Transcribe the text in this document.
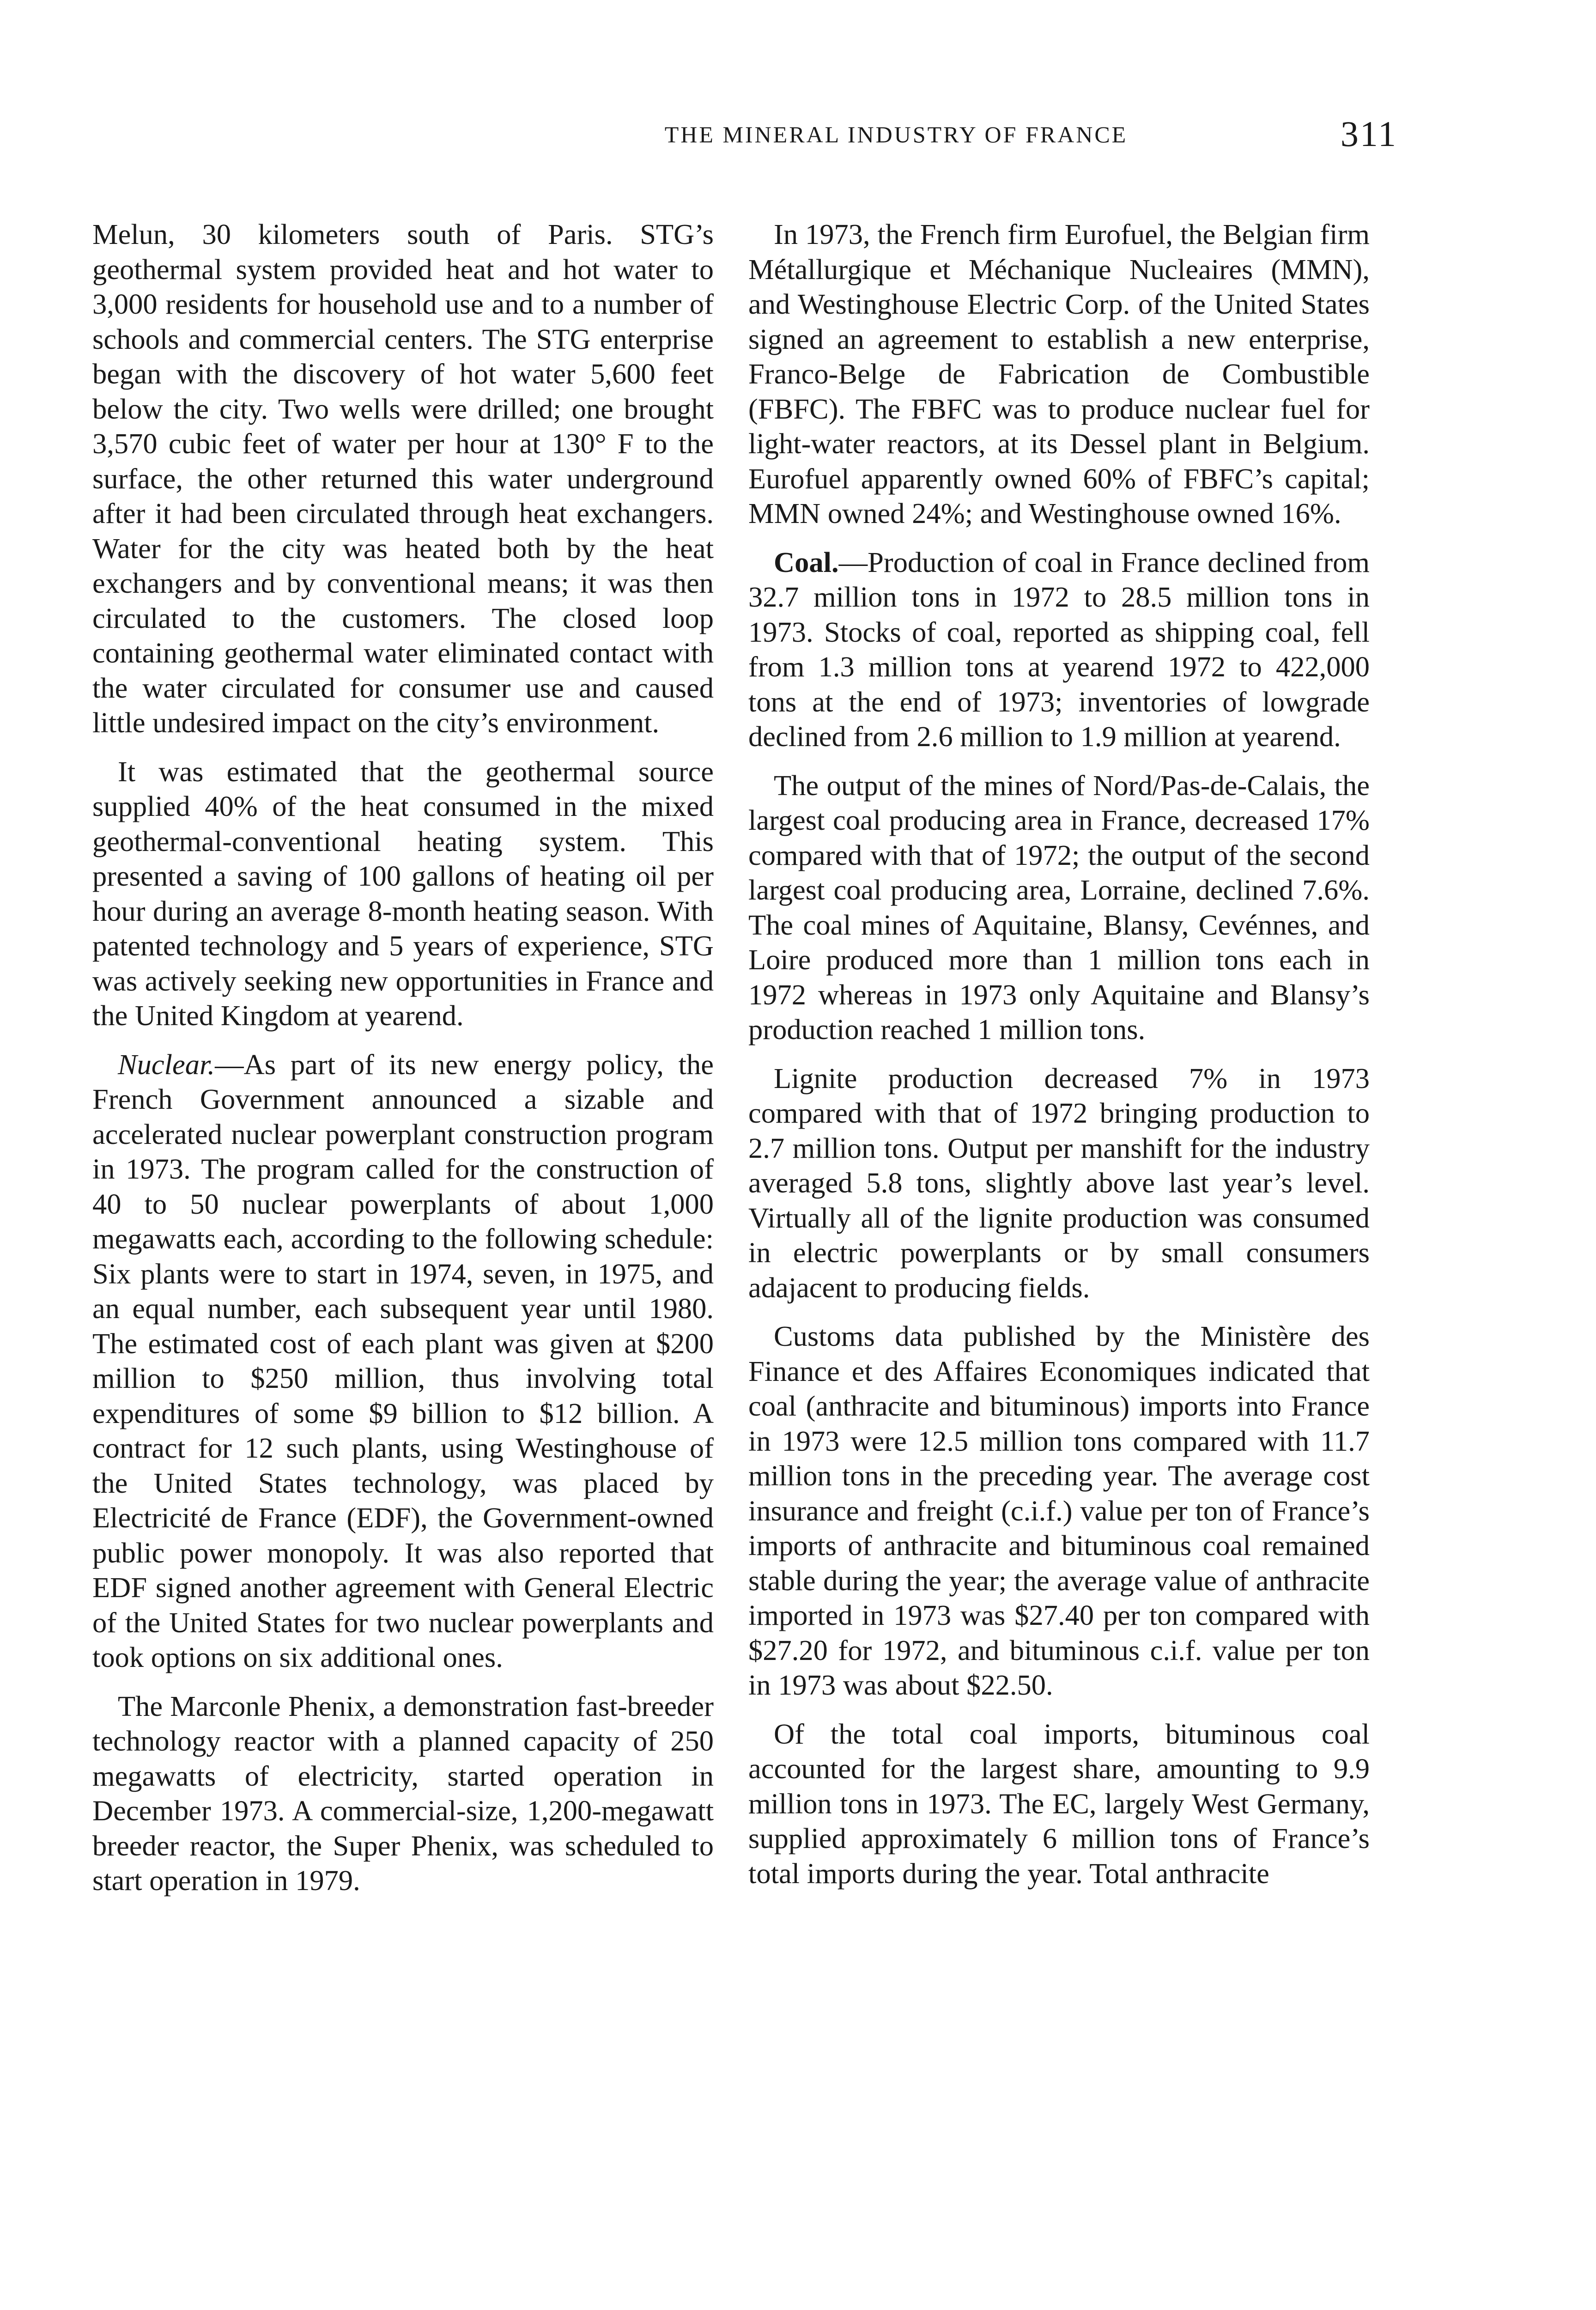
THE MINERAL INDUSTRY OF FRANCE	311

Melun, 30 kilometers south of Paris. STG’s geothermal system provided heat and hot water to 3,000 residents for household use and to a number of schools and commercial centers. The STG enterprise began with the discovery of hot water 5,600 feet below the city. Two wells were drilled; one brought 3,570 cubic feet of water per hour at 130° F to the surface, the other returned this water underground after it had been circulated through heat exchangers. Water for the city was heated both by the heat exchangers and by conventional means; it was then circulated to the customers. The closed loop containing geothermal water eliminated contact with the water circulated for consumer use and caused little undesired impact on the city’s environment.

It was estimated that the geothermal source supplied 40% of the heat consumed in the mixed geothermal-conventional heating system. This presented a saving of 100 gallons of heating oil per hour during an average 8-month heating season. With patented technology and 5 years of experience, STG was actively seeking new opportunities in France and the United Kingdom at yearend.

Nuclear.—As part of its new energy policy, the French Government announced a sizable and accelerated nuclear powerplant construction program in 1973. The program called for the construction of 40 to 50 nuclear powerplants of about 1,000 megawatts each, according to the following schedule: Six plants were to start in 1974, seven, in 1975, and an equal number, each subsequent year until 1980. The estimated cost of each plant was given at $200 million to $250 million, thus involving total expenditures of some $9 billion to $12 billion. A contract for 12 such plants, using Westinghouse of the United States technology, was placed by Electricité de France (EDF), the Government-owned public power monopoly. It was also reported that EDF signed another agreement with General Electric of the United States for two nuclear powerplants and took options on six additional ones.

The Marconle Phenix, a demonstration fast-breeder technology reactor with a planned capacity of 250 megawatts of electricity, started operation in December 1973. A commercial-size, 1,200-megawatt breeder reactor, the Super Phenix, was scheduled to start operation in 1979.

In 1973, the French firm Eurofuel, the Belgian firm Métallurgique et Méchanique Nucleaires (MMN), and Westinghouse Electric Corp. of the United States signed an agreement to establish a new enterprise, Franco-Belge de Fabrication de Combustible (FBFC). The FBFC was to produce nuclear fuel for light-water reactors, at its Dessel plant in Belgium. Eurofuel apparently owned 60% of FBFC’s capital; MMN owned 24%; and Westinghouse owned 16%.

Coal.—Production of coal in France declined from 32.7 million tons in 1972 to 28.5 million tons in 1973. Stocks of coal, reported as shipping coal, fell from 1.3 million tons at yearend 1972 to 422,000 tons at the end of 1973; inventories of lowgrade declined from 2.6 million to 1.9 million at yearend.

The output of the mines of Nord/Pas-de-Calais, the largest coal producing area in France, decreased 17% compared with that of 1972; the output of the second largest coal producing area, Lorraine, declined 7.6%. The coal mines of Aquitaine, Blansy, Cevénnes, and Loire produced more than 1 million tons each in 1972 whereas in 1973 only Aquitaine and Blansy’s production reached 1 million tons.

Lignite production decreased 7% in 1973 compared with that of 1972 bringing production to 2.7 million tons. Output per manshift for the industry averaged 5.8 tons, slightly above last year’s level. Virtually all of the lignite production was consumed in electric powerplants or by small consumers adajacent to producing fields.

Customs data published by the Ministère des Finance et des Affaires Economiques indicated that coal (anthracite and bituminous) imports into France in 1973 were 12.5 million tons compared with 11.7 million tons in the preceding year. The average cost insurance and freight (c.i.f.) value per ton of France’s imports of anthracite and bituminous coal remained stable during the year; the average value of anthracite imported in 1973 was $27.40 per ton compared with $27.20 for 1972, and bituminous c.i.f. value per ton in 1973 was about $22.50.

Of the total coal imports, bituminous coal accounted for the largest share, amounting to 9.9 million tons in 1973. The EC, largely West Germany, supplied approximately 6 million tons of France’s total imports during the year. Total anthracite
